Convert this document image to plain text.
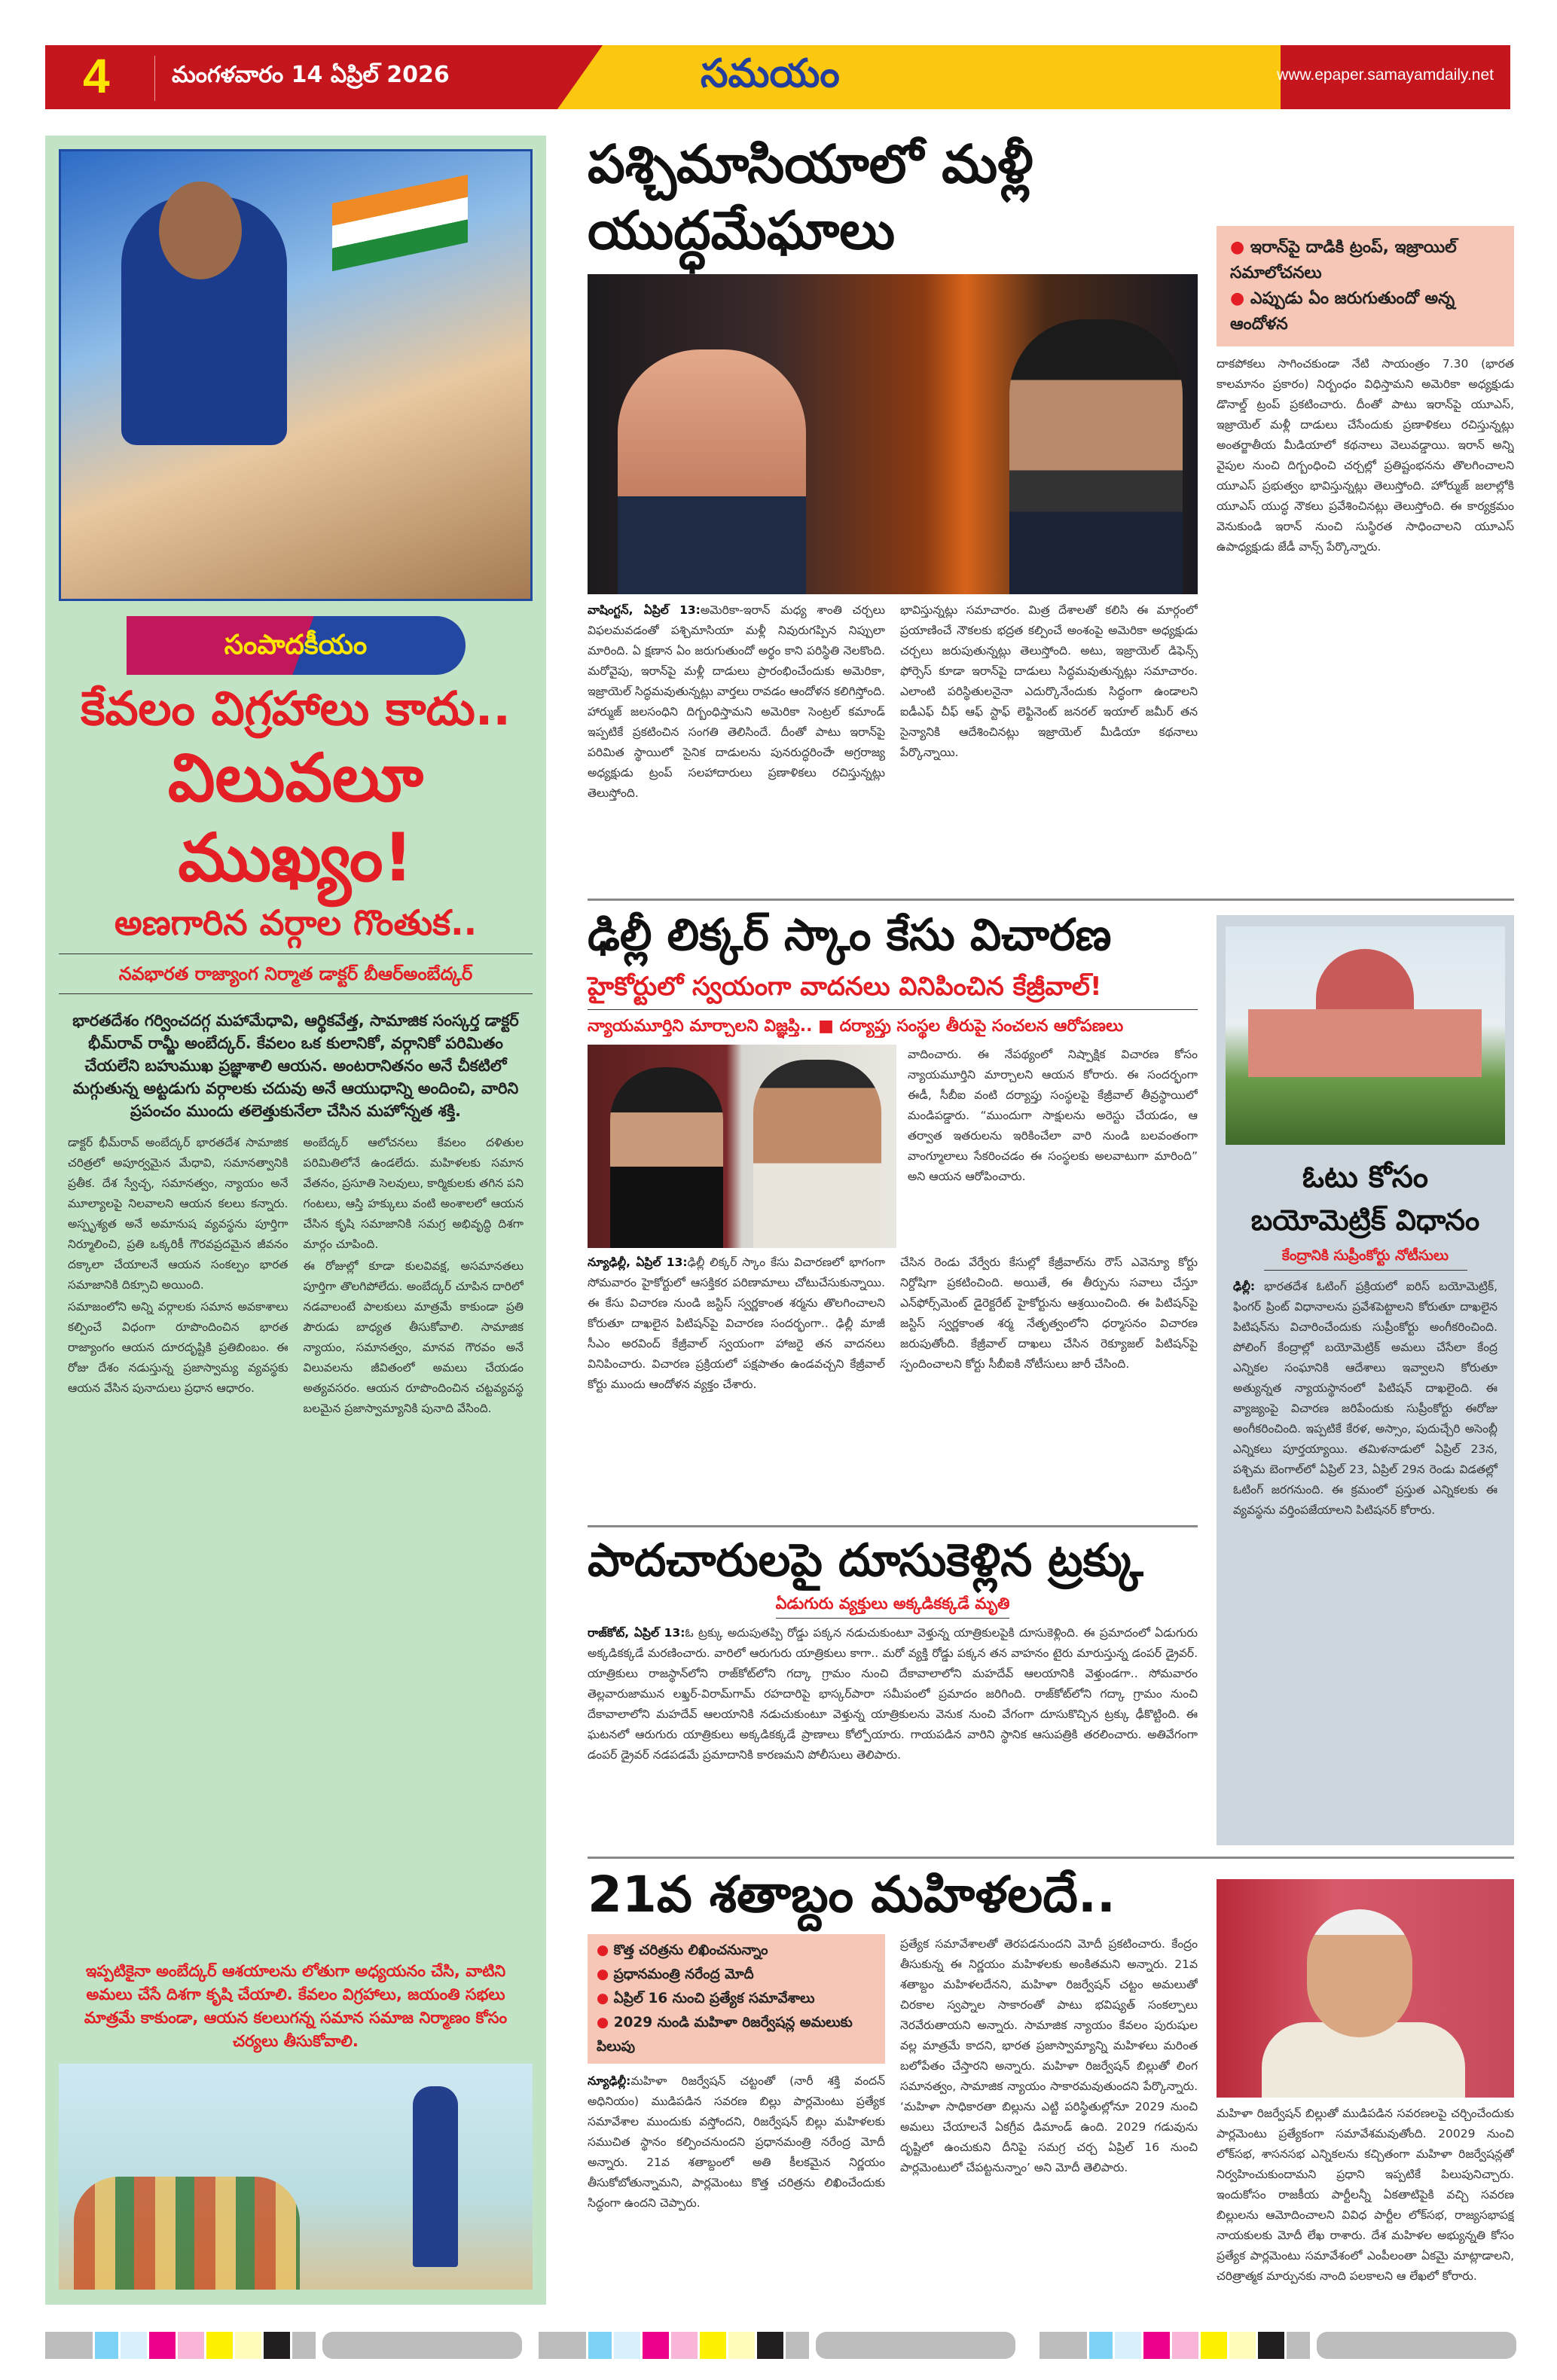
4	మంగళవారం 14 ఏప్రిల్ 2026	సమయం	www.epaper.samayamdaily.net
సంపాదకీయం
కేవలం విగ్రహాలు కాదు..
విలువలూ ముఖ్యం!
అణగారిన వర్గాల గొంతుక..
నవభారత రాజ్యాంగ నిర్మాత డాక్టర్ బీఆర్‌అంబేద్కర్
భారతదేశం గర్వించదగ్గ మహామేధావి, ఆర్థికవేత్త, సామాజిక సంస్కర్త డాక్టర్ భీమ్‌రావ్ రామ్జీ అంబేద్కర్. కేవలం ఒక కులానికో, వర్గానికో పరిమితం చేయలేని బహుముఖ ప్రజ్ఞాశాలి ఆయన. అంటరానితనం అనే చీకటిలో మగ్గుతున్న అట్టడుగు వర్గాలకు చదువు అనే ఆయుధాన్ని అందించి, వారిని ప్రపంచం ముందు తలెత్తుకునేలా చేసిన మహోన్నత శక్తి.

డాక్టర్ భీమ్‌రావ్ అంబేద్కర్ భారతదేశ సామాజిక చరిత్రలో అపూర్వమైన మేధావి, సమానత్వానికి ప్రతీక. దేశ స్వేచ్ఛ, సమానత్వం, న్యాయం అనే మూల్యాలపై నిలవాలని ఆయన కలలు కన్నారు. అస్పృశ్యత అనే అమానుష వ్యవస్థను పూర్తిగా నిర్మూలించి, ప్రతి ఒక్కరికీ గౌరవప్రదమైన జీవనం దక్కాలా చేయాలనే ఆయన సంకల్పం భారత సమాజానికి దిక్సూచి అయింది.

సమాజంలోని అన్ని వర్గాలకు సమాన అవకాశాలు కల్పించే విధంగా రూపొందించిన భారత రాజ్యాంగం ఆయన దూరదృష్టికి ప్రతిబింబం. ఈ రోజు దేశం నడుస్తున్న ప్రజాస్వామ్య వ్యవస్థకు ఆయన వేసిన పునాదులు ప్రధాన ఆధారం.

అంబేద్కర్ ఆలోచనలు కేవలం దళితుల పరిమితిలోనే ఉండలేదు. మహిళలకు సమాన వేతనం, ప్రసూతి సెలవులు, కార్మికులకు తగిన పని గంటలు, ఆస్తి హక్కులు వంటి అంశాలలో ఆయన చేసిన కృషి సమాజానికి సమగ్ర అభివృద్ధి దిశగా మార్గం చూపింది.

ఈ రోజుల్లో కూడా కులవివక్ష, అసమానతలు పూర్తిగా తొలగిపోలేదు. అంబేద్కర్ చూపిన దారిలో నడవాలంటే పాలకులు మాత్రమే కాకుండా ప్రతి పౌరుడు బాధ్యత తీసుకోవాలి. సామాజిక న్యాయం, సమానత్వం, మానవ గౌరవం అనే విలువలను జీవితంలో అమలు చేయడం అత్యవసరం. ఆయన రూపొందించిన చట్టవ్యవస్థ బలమైన ప్రజాస్వామ్యానికి పునాది వేసింది.

ఇప్పటికైనా అంబేద్కర్ ఆశయాలను లోతుగా అధ్యయనం చేసి, వాటిని అమలు చేసే దిశగా కృషి చేయాలి. కేవలం విగ్రహాలు, జయంతి సభలు మాత్రమే కాకుండా, ఆయన కలలుగన్న సమాన సమాజ నిర్మాణం కోసం చర్యలు తీసుకోవాలి.
పశ్చిమాసియాలో మళ్లీ యుద్ధమేఘాలు
వాషింగ్టన్, ఏప్రిల్ 13:అమెరికా-ఇరాన్ మధ్య శాంతి చర్చలు విఫలమవడంతో పశ్చిమాసియా మళ్లీ నివురుగప్పిన నిప్పులా మారింది. ఏ క్షణాన ఏం జరుగుతుందో అర్థం కాని పరిస్థితి నెలకొంది. మరోవైపు, ఇరాన్‌పై మళ్లీ దాడులు ప్రారంభించేందుకు అమెరికా, ఇజ్రాయెల్ సిద్ధమవుతున్నట్లు వార్తలు రావడం ఆందోళన కలిగిస్తోంది. హార్ముజ్ జలసంధిని దిగ్బంధిస్తామని అమెరికా సెంట్రల్ కమాండ్ ఇప్పటికే ప్రకటించిన సంగతి తెలిసిందే. దీంతో పాటు ఇరాన్‌పై పరిమిత స్థాయిలో సైనిక దాడులను పునరుద్ధరించేా అగ్రరాజ్య అధ్యక్షుడు ట్రంప్ సలహాదారులు ప్రణాళికలు రచిస్తున్నట్లు తెలుస్తోంది.
భావిస్తున్నట్లు సమాచారం. మిత్ర దేశాలతో కలిసి ఈ మార్గంలో ప్రయాణించే నౌకలకు భద్రత కల్పించే అంశంపై అమెరికా అధ్యక్షుడు చర్చలు జరుపుతున్నట్లు తెలుస్తోంది. అటు, ఇజ్రాయెల్ డిఫెన్స్ ఫోర్సెస్ కూడా ఇరాన్‌పై దాడులు సిద్ధమవుతున్నట్లు సమాచారం. ఎలాంటి పరిస్థితులనైనా ఎదుర్కొనేందుకు సిద్ధంగా ఉండాలని ఐడీఎఫ్ చీఫ్ ఆఫ్ స్టాఫ్ లెఫ్టినెంట్ జనరల్ ఇయాల్ జమీర్ తన సైన్యానికి ఆదేశించినట్లు ఇజ్రాయెల్ మీడియా కథనాలు పేర్కొన్నాయి.
● ఇరాన్‌పై దాడికి ట్రంప్, ఇజ్రాయిల్ సమాలోచనలు
● ఎప్పుడు ఏం జరుగుతుందో అన్న ఆందోళన
దాకపోకలు సాగించకుండా నేటి సాయంత్రం 7.30 (భారత కాలమానం ప్రకారం) నిర్బంధం విధిస్తామని అమెరికా అధ్యక్షుడు డొనాల్డ్ ట్రంప్ ప్రకటించారు. దీంతో పాటు ఇరాన్‌పై యూఎస్, ఇజ్రాయెల్ మళ్లీ దాడులు చేసేందుకు ప్రణాళికలు రచిస్తున్నట్లు అంతర్జాతీయ మీడియాలో కథనాలు వెలువడ్డాయి. ఇరాన్ అన్ని వైపుల నుంచి దిగ్బంధించి చర్చల్లో ప్రతిష్టంభనను తొలగించాలని యూఎస్ ప్రభుత్వం భావిస్తున్నట్లు తెలుస్తోంది. హోర్ముజ్ జలాల్లోకి యూఎస్ యుద్ధ నౌకలు ప్రవేశించినట్లు తెలుస్తోంది. ఈ కార్యక్రమం వెనుకుండి ఇరాన్ నుంచి సుస్థిరత సాధించాలని యూఎస్ ఉపాధ్యక్షుడు జేడీ వాన్స్ పేర్కొన్నారు.
ఢిల్లీ లిక్కర్ స్కాం కేసు విచారణ
హైకోర్టులో స్వయంగా వాదనలు వినిపించిన కేజ్రీవాల్!
న్యాయమూర్తిని మార్చాలని విజ్ఞప్తి.. ■ దర్యాప్తు సంస్థల తీరుపై సంచలన ఆరోపణలు
వాదించారు. ఈ నేపథ్యంలో నిష్పాక్షిక విచారణ కోసం న్యాయమూర్తిని మార్చాలని ఆయన కోరారు. ఈ సందర్భంగా ఈడీ, సీబీఐ వంటి దర్యాప్తు సంస్థలపై కేజ్రీవాల్ తీవ్రస్థాయిలో మండిపడ్డారు. “ముందుగా సాక్షులను అరెస్టు చేయడం, ఆ తర్వాత ఇతరులను ఇరికించేలా వారి నుండి బలవంతంగా వాంగ్మూలాలు సేకరించడం ఈ సంస్థలకు అలవాటుగా మారింది” అని ఆయన ఆరోపించారు.
న్యూఢిల్లీ, ఏప్రిల్ 13:ఢిల్లీ లిక్కర్ స్కాం కేసు విచారణలో భాగంగా సోమవారం హైకోర్టులో ఆసక్తికర పరిణామాలు చోటుచేసుకున్నాయి. ఈ కేసు విచారణ నుండి జస్టిస్ స్వర్ణకాంత శర్మను తొలగించాలని కోరుతూ దాఖలైన పిటిషన్‌పై విచారణ సందర్భంగా.. ఢిల్లీ మాజీ సీఎం అరవింద్ కేజ్రీవాల్ స్వయంగా హాజరై తన వాదనలు వినిపించారు. విచారణ ప్రక్రియలో పక్షపాతం ఉండవచ్చని కేజ్రీవాల్ కోర్టు ముందు ఆందోళన వ్యక్తం చేశారు.
చేసిన రెండు వేర్వేరు కేసుల్లో కేజ్రీవాల్‌ను రౌస్ ఎవెన్యూ కోర్టు నిర్దోషిగా ప్రకటించింది. అయితే, ఈ తీర్పును సవాలు చేస్తూ ఎన్‌ఫోర్స్‌మెంట్ డైరెక్టరేట్ హైకోర్టును ఆశ్రయించింది. ఈ పిటిషన్‌పై జస్టిస్ స్వర్ణకాంత శర్మ నేతృత్వంలోని ధర్మాసనం విచారణ జరుపుతోంది. కేజ్రీవాల్ దాఖలు చేసిన రెక్యూజల్ పిటిషన్‌పై స్పందించాలని కోర్టు సీబీఐకి నోటీసులు జారీ చేసింది.
పాదచారులపై దూసుకెళ్లిన ట్రక్కు
ఏడుగురు వ్యక్తులు అక్కడికక్కడే మృతి
రాజ్‌కోట్, ఏప్రిల్ 13:ఓ ట్రక్కు అదుపుతప్పి రోడ్డు పక్కన నడుచుకుంటూ వెళ్తున్న యాత్రికులపైకి దూసుకెళ్లింది. ఈ ప్రమాదంలో ఏడుగురు అక్కడికక్కడే మరణించారు. వారిలో ఆరుగురు యాత్రికులు కాగా.. మరో వ్యక్తి రోడ్డు పక్కన తన వాహనం టైరు మారుస్తున్న డంపర్ డ్రైవర్. యాత్రికులు రాజస్థాన్‌లోని రాజ్‌కోట్‌లోని గద్కా గ్రామం నుంచి దేకావాలాలోని మహదేవ్ ఆలయానికి వెళ్తుండగా.. సోమవారం తెల్లవారుజామున లఖ్తర్-విరామ్‌గామ్ రహదారిపై భాస్కర్‌పారా సమీపంలో ప్రమాదం జరిగింది. రాజ్‌కోట్‌లోని గద్కా గ్రామం నుంచి దేకావాలాలోని మహదేవ్ ఆలయానికి నడుచుకుంటూ వెళ్తున్న యాత్రికులను వెనుక నుంచి వేగంగా దూసుకొచ్చిన ట్రక్కు ఢీకొట్టింది. ఈ ఘటనలో ఆరుగురు యాత్రికులు అక్కడికక్కడే ప్రాణాలు కోల్పోయారు. గాయపడిన వారిని స్థానిక ఆసుపత్రికి తరలించారు. అతివేగంగా డంపర్ డ్రైవర్ నడపడమే ప్రమాదానికి కారణమని పోలీసులు తెలిపారు.
ఓటు కోసం
బయోమెట్రిక్ విధానం
కేంద్రానికి సుప్రీంకోర్టు నోటీసులు
ఢిల్లీ: భారతదేశ ఓటింగ్ ప్రక్రియలో ఐరిస్ బయోమెట్రిక్, ఫింగర్ ప్రింట్ విధానాలను ప్రవేశపెట్టాలని కోరుతూ దాఖలైన పిటిషన్‌ను విచారించేందుకు సుప్రీంకోర్టు అంగీకరించింది. పోలింగ్ కేంద్రాల్లో బయోమెట్రిక్ అమలు చేసేలా కేంద్ర ఎన్నికల సంఘానికి ఆదేశాలు ఇవ్వాలని కోరుతూ అత్యున్నత న్యాయస్థానంలో పిటిషన్ దాఖలైంది. ఈ వ్యాజ్యంపై విచారణ జరిపేందుకు సుప్రీంకోర్టు ఈరోజు అంగీకరించింది. ఇప్పటికే కేరళ, అస్సాం, పుదుచ్చేరి అసెంబ్లీ ఎన్నికలు పూర్తయ్యాయి. తమిళనాడులో ఏప్రిల్ 23న, పశ్చిమ బెంగాల్‌లో ఏప్రిల్ 23, ఏప్రిల్ 29న రెండు విడతల్లో ఓటింగ్ జరగనుంది. ఈ క్రమంలో ప్రస్తుత ఎన్నికలకు ఈ వ్యవస్థను వర్తింపజేయాలని పిటిషనర్ కోరారు.
21వ శతాబ్దం మహిళలదే..
● కొత్త చరిత్రను లిఖించనున్నాం
● ప్రధానమంత్రి నరేంద్ర మోదీ
● ఏప్రిల్ 16 నుంచి ప్రత్యేక సమావేశాలు
● 2029 నుండి మహిళా రిజర్వేషన్ల అమలుకు పిలుపు
న్యూఢిల్లీ:మహిళా రిజర్వేషన్ చట్టంతో (నారీ శక్తి వందన్ అధినియం) ముడిపడిన సవరణ బిల్లు పార్లమెంటు ప్రత్యేక సమావేశాల ముందుకు వస్తోందని, రిజర్వేషన్ బిల్లు మహిళలకు సముచిత స్థానం కల్పించనుందని ప్రధానమంత్రి నరేంద్ర మోదీ అన్నారు. 21వ శతాబ్దంలో అతి కీలకమైన నిర్ణయం తీసుకోబోతున్నామని, పార్లమెంటు కొత్త చరిత్రను లిఖించేందుకు సిద్ధంగా ఉందని చెప్పారు.
ప్రత్యేక సమావేశాలతో తెరపడనుందని మోదీ ప్రకటించారు. కేంద్రం తీసుకున్న ఈ నిర్ణయం మహిళలకు అంకితమని అన్నారు. 21వ శతాబ్దం మహిళలదేనని, మహిళా రిజర్వేషన్ చట్టం అమలుతో చిరకాల స్వప్నాల సాకారంతో పాటు భవిష్యత్ సంకల్పాలు నెరవేరుతాయని అన్నారు. సామాజిక న్యాయం కేవలం పురుషుల వల్ల మాత్రమే కాదని, భారత ప్రజాస్వామ్యాన్ని మహిళలు మరింత బలోపేతం చేస్తారని అన్నారు. మహిళా రిజర్వేషన్ బిల్లుతో లింగ సమానత్వం, సామాజిక న్యాయం సాకారమవుతుందని పేర్కొన్నారు. ‘మహిళా సాధికారతా బిల్లును ఎట్టి పరిస్థితుల్లోనూ 2029 నుంచి అమలు చేయాలనే ఏకగ్రీవ డిమాండ్ ఉంది. 2029 గడువును దృష్టిలో ఉంచుకుని దీనిపై సమగ్ర చర్చ ఏప్రిల్ 16 నుంచి పార్లమెంటులో చేపట్టనున్నాం’ అని మోదీ తెలిపారు.
మహిళా రిజర్వేషన్ బిల్లుతో ముడిపడిన సవరణలపై చర్చించేందుకు పార్లమెంటు ప్రత్యేకంగా సమావేశమవుతోంది. 20029 నుంచి లోక్‌సభ, శాసనసభ ఎన్నికలను కచ్చితంగా మహిళా రిజర్వేషన్లతో నిర్వహించుకుందామని ప్రధాని ఇప్పటికే పిలుపునిచ్చారు. ఇందుకోసం రాజకీయ పార్టీలన్నీ ఏకతాటిపైకి వచ్చి సవరణ బిల్లులను ఆమోదించాలని వివిధ పార్టీల లోక్‌సభ, రాజ్యసభాపక్ష నాయకులకు మోదీ లేఖ రాశారు. దేశ మహిళల అభ్యున్నతి కోసం ప్రత్యేక పార్లమెంటు సమావేశంలో ఎంపీలంతా ఏకమై మాట్లాడాలని, చరిత్రాత్మక మార్పునకు నాంది పలకాలని ఆ లేఖలో కోరారు.
